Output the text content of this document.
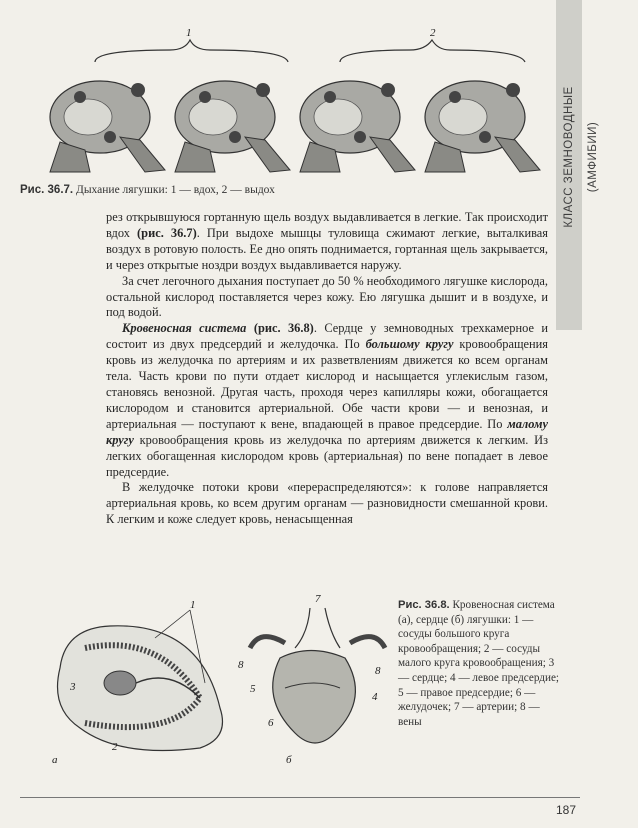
КЛАСС ЗЕМНОВОДНЫЕ (АМФИБИИ)
1	2
Рис. 36.7. Дыхание лягушки: 1 — вдох, 2 — выдох

рез открывшуюся гортанную щель воздух выдавливается в легкие. Так происходит вдох (рис. 36.7). При выдохе мышцы туловища сжимают легкие, выталкивая воздух в ротовую полость. Ее дно опять поднимается, гортанная щель закрывается, и через открытые ноздри воздух выдавливается наружу.

За счет легочного дыхания поступает до 50 % необходимого лягушке кислорода, остальной кислород поставляется через кожу. Ею лягушка дышит и в воздухе, и под водой.

Кровеносная система (рис. 36.8). Сердце у земноводных трехкамерное и состоит из двух предсердий и желудочка. По большому кругу кровообращения кровь из желудочка по артериям и их разветвлениям движется ко всем органам тела. Часть крови по пути отдает кислород и насыщается углекислым газом, становясь венозной. Другая часть, проходя через капилляры кожи, обогащается кислородом и становится артериальной. Обе части крови — и венозная, и артериальная — поступают к вене, впадающей в правое предсердие. По малому кругу кровообращения кровь из желудочка по артериям движется к легким. Из легких обогащенная кислородом кровь (артериальная) по вене попадает в левое предсердие.

В желудочке потоки крови «перераспределяются»: к голове направляется артериальная кровь, ко всем другим органам — разновидности смешанной крови. К легким и коже следует кровь, ненасыщенная

1
3
2
а
7
8	8
5
4
6
б
Рис. 36.8. Кровеносная система (а), сердце (б) лягушки: 1 — сосуды большого круга кровообращения; 2 — сосуды малого круга кровообращения; 3 — сердце; 4 — левое предсердие; 5 — правое предсердие; 6 — желудочек; 7 — артерии; 8 — вены
187
